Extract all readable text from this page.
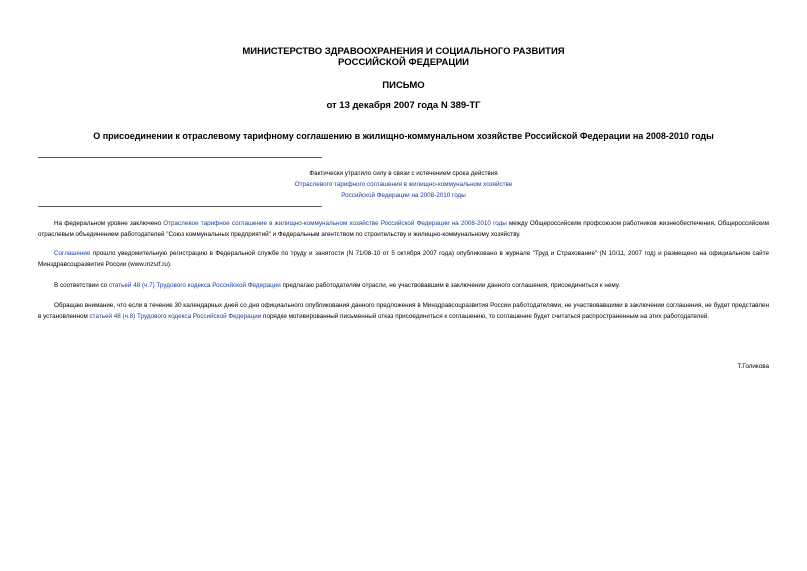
МИНИСТЕРСТВО ЗДРАВООХРАНЕНИЯ И СОЦИАЛЬНОГО РАЗВИТИЯ
РОССИЙСКОЙ ФЕДЕРАЦИИ
ПИСЬМО
от 13 декабря 2007 года N 389-ТГ
О присоединении к отраслевому тарифному соглашению в жилищно-коммунальном хозяйстве Российской Федерации на 2008-2010 годы
Фактически утратило силу в связи с истечением срока действия
Отраслевого тарифного соглашения в жилищно-коммунальном хозяйстве
Российской Федерации на 2008-2010 годы

На федеральном уровне заключено Отраслевое тарифное соглашение в жилищно-коммунальном хозяйстве Российской Федерации на 2008-2010 годы между Общероссийским профсоюзом работников жизнеобеспечения, Общероссийским отраслевым объединением работодателей "Союз коммунальных предприятий" и Федеральным агентством по строительству и жилищно-коммунальному хозяйству.

Соглашение прошло уведомительную регистрацию в Федеральной службе по труду и занятости (N 71/08-10 от 5 октября 2007 года) опубликовано в журнале "Труд и Страхование" (N 10/11, 2007 год) и размещено на официальном сайте Минздравсоцразвития России (www.mzsrf.ru).

В соответствии со статьей 48 (ч.7) Трудового кодекса Российской Федерации предлагаю работодателям отрасли, не участвовавшим в заключении данного соглашения, присоединиться к нему.

Обращаю внимание, что если в течение 30 календарных дней со дня официального опубликования данного предложения в Минздравсоцразвития России работодателями, не участвовавшими в заключении соглашения, не будет представлен в установленном статьей 48 (ч.8) Трудового кодекса Российской Федерации порядке мотивированный письменный отказ присоединиться к соглашению, то соглашение будет считаться распространенным на этих работодателей.

Т.Голикова
